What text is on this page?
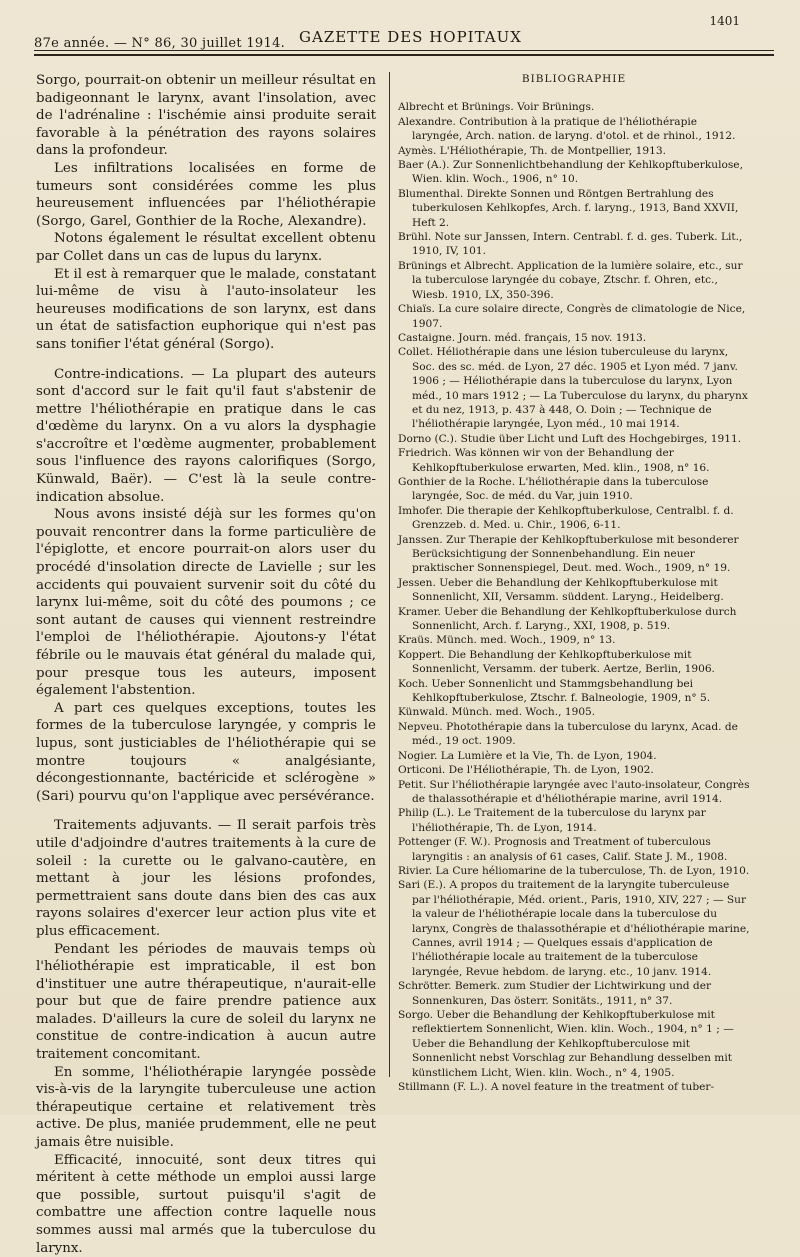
87e année. — N° 86, 30 juillet 1914. GAZETTE DES HOPITAUX
1401

Sorgo, pourrait-on obtenir un meilleur résultat en badigeonnant le larynx, avant l'insolation, avec de l'adrénaline : l'ischémie ainsi produite serait favorable à la pénétration des rayons solaires dans la profondeur.

Les infiltrations localisées en forme de tumeurs sont considérées comme les plus heureusement influencées par l'héliothérapie (Sorgo, Garel, Gonthier de la Roche, Alexandre).

Notons également le résultat excellent obtenu par Collet dans un cas de lupus du larynx.

Et il est à remarquer que le malade, constatant lui-même de visu à l'auto-insolateur les heureuses modifications de son larynx, est dans un état de satisfaction euphorique qui n'est pas sans tonifier l'état général (Sorgo).

Contre-indications. — La plupart des auteurs sont d'accord sur le fait qu'il faut s'abstenir de mettre l'héliothérapie en pratique dans le cas d'œdème du larynx. On a vu alors la dysphagie s'accroître et l'œdème augmenter, probablement sous l'influence des rayons calorifiques (Sorgo, Künwald, Baër). — C'est là la seule contre-indication absolue.

Nous avons insisté déjà sur les formes qu'on pouvait rencontrer dans la forme particulière de l'épiglotte, et encore pourrait-on alors user du procédé d'insolation directe de Lavielle ; sur les accidents qui pouvaient survenir soit du côté du larynx lui-même, soit du côté des poumons ; ce sont autant de causes qui viennent restreindre l'emploi de l'héliothérapie. Ajoutons-y l'état fébrile ou le mauvais état général du malade qui, pour presque tous les auteurs, imposent également l'abstention.

A part ces quelques exceptions, toutes les formes de la tuberculose laryngée, y compris le lupus, sont justiciables de l'héliothérapie qui se montre toujours « analgésiante, décongestionnante, bactéricide et sclérogène » (Sari) pourvu qu'on l'applique avec persévérance.

Traitements adjuvants. — Il serait parfois très utile d'adjoindre d'autres traitements à la cure de soleil : la curette ou le galvano-cautère, en mettant à jour les lésions profondes, permettraient sans doute dans bien des cas aux rayons solaires d'exercer leur action plus vite et plus efficacement.

Pendant les périodes de mauvais temps où l'héliothérapie est impraticable, il est bon d'instituer une autre thérapeutique, n'aurait-elle pour but que de faire prendre patience aux malades. D'ailleurs la cure de soleil du larynx ne constitue de contre-indication à aucun autre traitement concomitant.

En somme, l'héliothérapie laryngée possède vis-à-vis de la laryngite tuberculeuse une action thérapeutique certaine et relativement très active. De plus, maniée prudemment, elle ne peut jamais être nuisible.

Efficacité, innocuité, sont deux titres qui méritent à cette méthode un emploi aussi large que possible, surtout puisqu'il s'agit de combattre une affection contre laquelle nous sommes aussi mal armés que la tuberculose du larynx.

BIBLIOGRAPHIE

Albrecht et Brünings. Voir Brünings.

Alexandre. Contribution à la pratique de l'héliothérapie laryngée, Arch. nation. de laryng. d'otol. et de rhinol., 1912.

Aymès. L'Héliothérapie, Th. de Montpellier, 1913.

Baer (A.). Zur Sonnenlichtbehandlung der Kehlkopftuberkulose, Wien. klin. Woch., 1906, n° 10.

Blumenthal. Direkte Sonnen und Röntgen Bertrahlung des tuberkulosen Kehlkopfes, Arch. f. laryng., 1913, Band XXVII, Heft 2.

Brühl. Note sur Janssen, Intern. Centrabl. f. d. ges. Tuberk. Lit., 1910, IV, 101.

Brünings et Albrecht. Application de la lumière solaire, etc., sur la tuberculose laryngée du cobaye, Ztschr. f. Ohren, etc., Wiesb. 1910, LX, 350-396.

Chiaïs. La cure solaire directe, Congrès de climatologie de Nice, 1907.

Castaigne. Journ. méd. français, 15 nov. 1913.

Collet. Héliothérapie dans une lésion tuberculeuse du larynx, Soc. des sc. méd. de Lyon, 27 déc. 1905 et Lyon méd. 7 janv. 1906 ; — Héliothérapie dans la tuberculose du larynx, Lyon méd., 10 mars 1912 ; — La Tuberculose du larynx, du pharynx et du nez, 1913, p. 437 à 448, O. Doin ; — Technique de l'héliothérapie laryngée, Lyon méd., 10 mai 1914.

Dorno (C.). Studie über Licht und Luft des Hochgebirges, 1911.

Friedrich. Was können wir von der Behandlung der Kehlkopftuberkulose erwarten, Med. klin., 1908, n° 16.

Gonthier de la Roche. L'héliothérapie dans la tuberculose laryngée, Soc. de méd. du Var, juin 1910.

Imhofer. Die therapie der Kehlkopftuberkulose, Centralbl. f. d. Grenzzeb. d. Med. u. Chir., 1906, 6-11.

Janssen. Zur Therapie der Kehlkopftuberkulose mit besonderer Berücksichtigung der Sonnenbehandlung. Ein neuer praktischer Sonnenspiegel, Deut. med. Woch., 1909, n° 19.

Jessen. Ueber die Behandlung der Kehlkopftuberkulose mit Sonnenlicht, XII, Versamm. süddent. Laryng., Heidelberg.

Kramer. Ueber die Behandlung der Kehlkopftuberkulose durch Sonnenlicht, Arch. f. Laryng., XXI, 1908, p. 519.

Kraüs. Münch. med. Woch., 1909, n° 13.

Koppert. Die Behandlung der Kehlkopftuberkulose mit Sonnenlicht, Versamm. der tuberk. Aertze, Berlin, 1906.

Koch. Ueber Sonnenlicht und Stammgsbehandlung bei Kehlkopftuberkulose, Ztschr. f. Balneologie, 1909, n° 5.

Künwald. Münch. med. Woch., 1905.

Nepveu. Photothérapie dans la tuberculose du larynx, Acad. de méd., 19 oct. 1909.

Nogier. La Lumière et la Vie, Th. de Lyon, 1904.

Orticoni. De l'Héliothérapie, Th. de Lyon, 1902.

Petit. Sur l'héliothérapie laryngée avec l'auto-insolateur, Congrès de thalassothérapie et d'héliothérapie marine, avril 1914.

Philip (L.). Le Traitement de la tuberculose du larynx par l'héliothérapie, Th. de Lyon, 1914.

Pottenger (F. W.). Prognosis and Treatment of tuberculous laryngitis : an analysis of 61 cases, Calif. State J. M., 1908.

Rivier. La Cure héliomarine de la tuberculose, Th. de Lyon, 1910.

Sari (E.). A propos du traitement de la laryngite tuberculeuse par l'héliothérapie, Méd. orient., Paris, 1910, XIV, 227 ; — Sur la valeur de l'héliothérapie locale dans la tuberculose du larynx, Congrès de thalassothérapie et d'héliothérapie marine, Cannes, avril 1914 ; — Quelques essais d'application de l'héliothérapie locale au traitement de la tuberculose laryngée, Revue hebdom. de laryng. etc., 10 janv. 1914.

Schrötter. Bemerk. zum Studier der Lichtwirkung und der Sonnenkuren, Das österr. Sonitäts., 1911, n° 37.

Sorgo. Ueber die Behandlung der Kehlkopftuberkulose mit reflektiertem Sonnenlicht, Wien. klin. Woch., 1904, n° 1 ; — Ueber die Behandlung der Kehlkopftuberculose mit Sonnenlicht nebst Vorschlag zur Behandlung desselben mit künstlichem Licht, Wien. klin. Woch., n° 4, 1905.

Stillmann (F. L.). A novel feature in the treatment of tuber-
